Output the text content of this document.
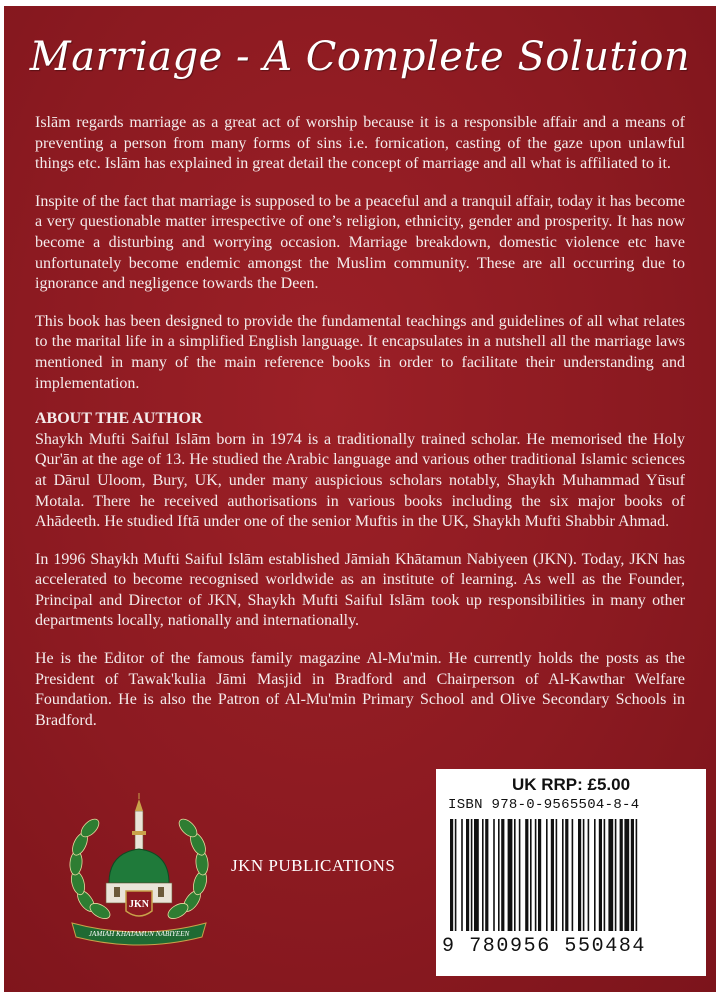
Marriage - A Complete Solution

Islām regards marriage as a great act of worship because it is a responsible affair and a means of preventing a person from many forms of sins i.e. fornication, casting of the gaze upon unlawful things etc. Islām has explained in great detail the concept of marriage and all what is affiliated to it.

Inspite of the fact that marriage is supposed to be a peaceful and a tranquil affair, today it has become a very questionable matter irrespective of one’s religion, ethnicity, gender and prosperity. It has now become a disturbing and worrying occasion. Marriage breakdown, domestic violence etc have unfortunately become endemic amongst the Muslim community. These are all occurring due to ignorance and negligence towards the Deen.

This book has been designed to provide the fundamental teachings and guidelines of all what relates to the marital life in a simplified English language. It encapsulates in a nutshell all the marriage laws mentioned in many of the main reference books in order to facilitate their understanding and implementation.

ABOUT THE AUTHOR

Shaykh Mufti Saiful Islām born in 1974 is a traditionally trained scholar. He memorised the Holy Qur'ān at the age of 13. He studied the Arabic language and various other traditional Islamic sciences at Dārul Uloom, Bury, UK, under many auspicious scholars notably, Shaykh Muhammad Yūsuf Motala. There he received authorisations in various books including the six major books of Ahādeeth. He studied Iftā under one of the senior Muftis in the UK, Shaykh Mufti Shabbir Ahmad.

In 1996 Shaykh Mufti Saiful Islām established Jāmiah Khātamun Nabiyeen (JKN). Today, JKN has accelerated to become recognised worldwide as an institute of learning. As well as the Founder, Principal and Director of JKN, Shaykh Mufti Saiful Islām took up responsibilities in many other departments locally, nationally and internationally.

He is the Editor of the famous family magazine Al-Mu'min. He currently holds the posts as the President of Tawak'kulia Jāmi Masjid in Bradford and Chairperson of Al-Kawthar Welfare Foundation. He is also the Patron of Al-Mu'min Primary School and Olive Secondary Schools in Bradford.

JKN
JAMIAH KHATAMUN NABIYEEN
JKN PUBLICATIONS
UK RRP: £5.00
ISBN 978-0-9565504-8-4
9 780956 550484
